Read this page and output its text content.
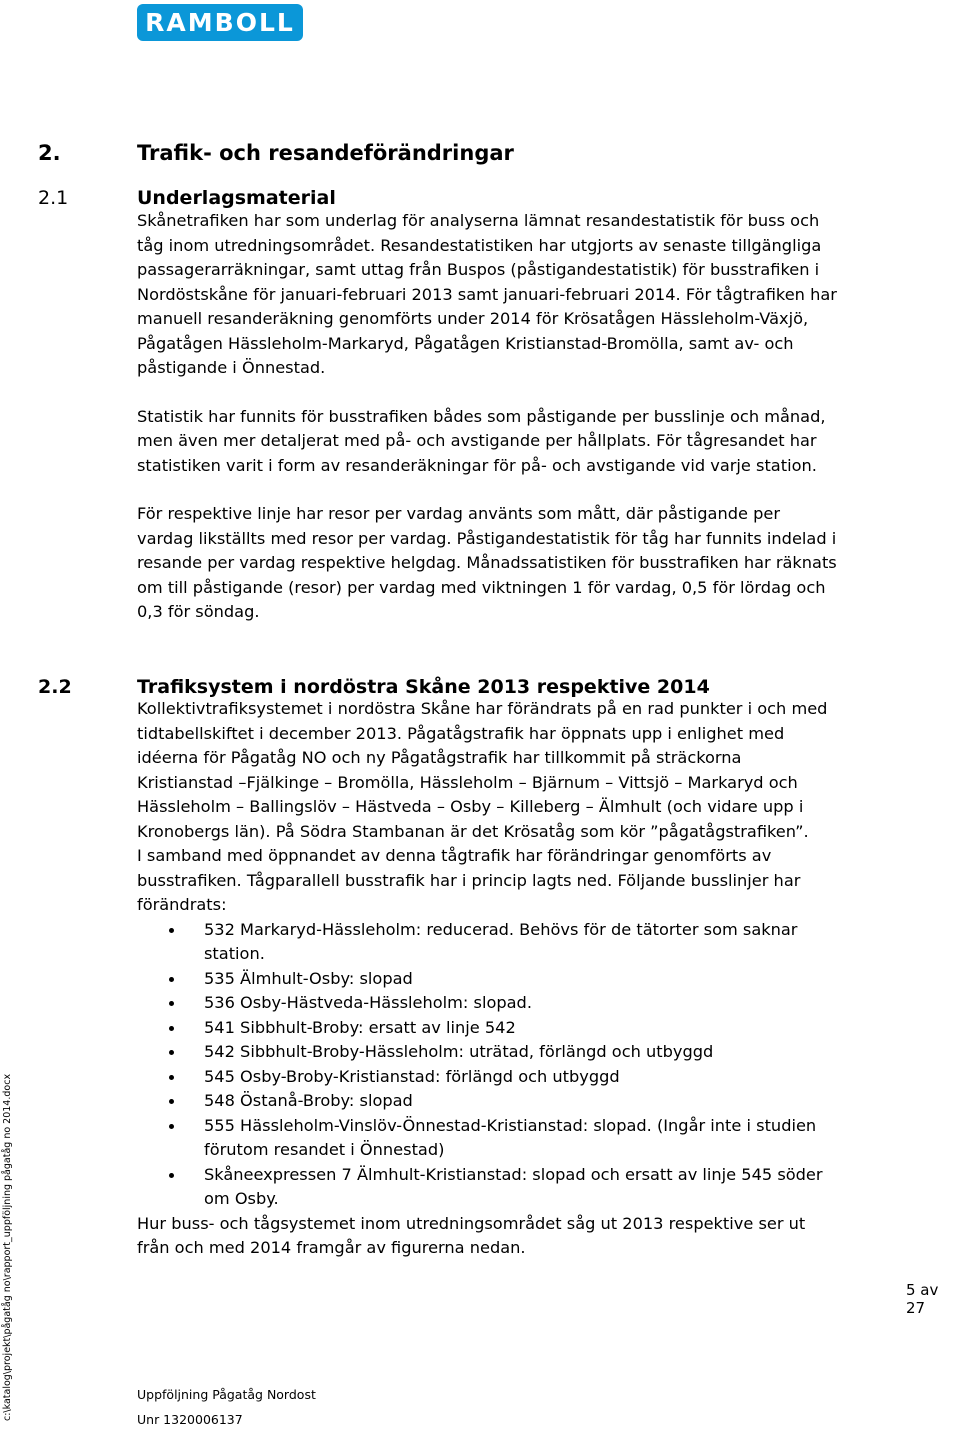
RAMBOLL
2.	Trafik- och resandeförändringar
2.1	Underlagsmaterial

Skånetrafiken har som underlag för analyserna lämnat resandestatistik för buss och tåg inom utredningsområdet. Resandestatistiken har utgjorts av senaste tillgängliga passagerarräkningar, samt uttag från Buspos (påstigandestatistik) för busstrafiken i Nordöstskåne för januari-februari 2013 samt januari-februari 2014. För tågtrafiken har manuell resanderäkning genomförts under 2014 för Krösatågen Hässleholm-Växjö, Pågatågen Hässleholm-Markaryd, Pågatågen Kristianstad-Bromölla, samt av- och påstigande i Önnestad.

Statistik har funnits för busstrafiken bådes som påstigande per busslinje och månad, men även mer detaljerat med på- och avstigande per hållplats. För tågresandet har statistiken varit i form av resanderäkningar för på- och avstigande vid varje station.

För respektive linje har resor per vardag använts som mått, där påstigande per vardag likställts med resor per vardag. Påstigandestatistik för tåg har funnits indelad i resande per vardag respektive helgdag. Månadssatistiken för busstrafiken har räknats om till påstigande (resor) per vardag med viktningen 1 för vardag, 0,5 för lördag och 0,3 för söndag.

2.2	Trafiksystem i nordöstra Skåne 2013 respektive 2014

Kollektivtrafiksystemet i nordöstra Skåne har förändrats på en rad punkter i och med tidtabellskiftet i december 2013. Pågatågstrafik har öppnats upp i enlighet med idéerna för Pågatåg NO och ny Pågatågstrafik har tillkommit på sträckorna Kristianstad –Fjälkinge – Bromölla, Hässleholm – Bjärnum – Vittsjö – Markaryd och Hässleholm – Ballingslöv – Hästveda – Osby – Killeberg – Älmhult (och vidare upp i Kronobergs län). På Södra Stambanan är det Krösatåg som kör ”pågatågstrafiken”.

I samband med öppnandet av denna tågtrafik har förändringar genomförts av busstrafiken. Tågparallell busstrafik har i princip lagts ned. Följande busslinjer har förändrats:

532 Markaryd-Hässleholm: reducerad. Behövs för de tätorter som saknar station.
535 Älmhult-Osby: slopad
536 Osby-Hästveda-Hässleholm: slopad.
541 Sibbhult-Broby: ersatt av linje 542
542 Sibbhult-Broby-Hässleholm: uträtad, förlängd och utbyggd
545 Osby-Broby-Kristianstad: förlängd och utbyggd
548 Östanå-Broby: slopad
555 Hässleholm-Vinslöv-Önnestad-Kristianstad: slopad. (Ingår inte i studien förutom resandet i Önnestad)
Skåneexpressen 7 Älmhult-Kristianstad: slopad och ersatt av linje 545 söder om Osby.

Hur buss- och tågsystemet inom utredningsområdet såg ut 2013 respektive ser ut från och med 2014 framgår av figurerna nedan.

5 av 27
c:\katalog\projekt\pågatåg no\rapport_uppföljning pågatåg no 2014.docx	Uppföljning Pågatåg Nordost
Unr 1320006137
